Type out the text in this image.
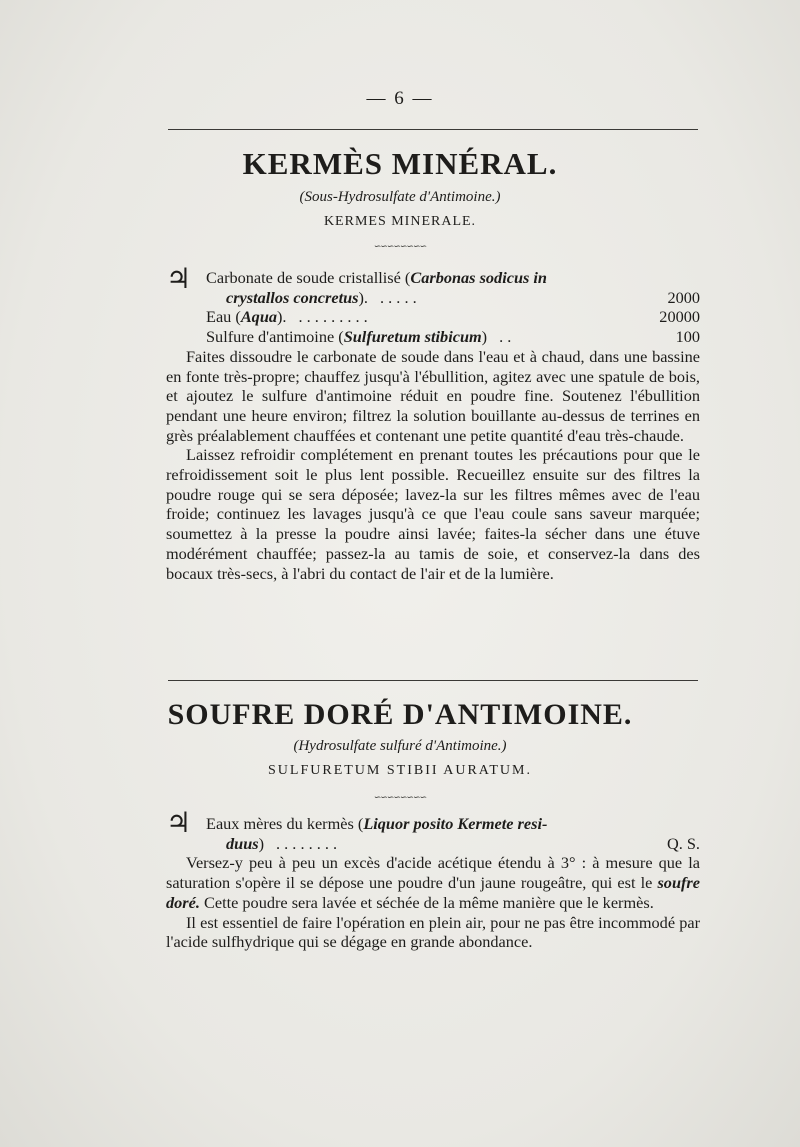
— 6 —
KERMÈS MINÉRAL.
(Sous-Hydrosulfate d'Antimoine.)
KERMES MINERALE.
∽∽∽∽∽∽∽∽
♃ Carbonate de soude cristallisé (Carbonas sodicus in
crystallos concretus). . . . . .	2000
Eau (Aqua). . . . . . . . . .	20000
Sulfure d'antimoine (Sulfuretum stibicum) . .	100

Faites dissoudre le carbonate de soude dans l'eau et à chaud, dans une bassine en fonte très-propre; chauffez jusqu'à l'ébullition, agitez avec une spatule de bois, et ajoutez le sulfure d'antimoine réduit en poudre fine. Soutenez l'ébullition pendant une heure environ; filtrez la solution bouillante au-dessus de terrines en grès préalablement chauffées et contenant une petite quantité d'eau très-chaude.

Laissez refroidir complétement en prenant toutes les précautions pour que le refroidissement soit le plus lent possible. Recueillez ensuite sur des filtres la poudre rouge qui se sera déposée; lavez-la sur les filtres mêmes avec de l'eau froide; continuez les lavages jusqu'à ce que l'eau coule sans saveur marquée; soumettez à la presse la poudre ainsi lavée; faites-la sécher dans une étuve modérément chauffée; passez-la au tamis de soie, et conservez-la dans des bocaux très-secs, à l'abri du contact de l'air et de la lumière.

SOUFRE DORÉ D'ANTIMOINE.
(Hydrosulfate sulfuré d'Antimoine.)
SULFURETUM STIBII AURATUM.
∽∽∽∽∽∽∽∽
♃ Eaux mères du kermès (Liquor posito Kermete resi-
duus) . . . . . . . .	Q. S.

Versez-y peu à peu un excès d'acide acétique étendu à 3° : à mesure que la saturation s'opère il se dépose une poudre d'un jaune rougeâtre, qui est le soufre doré. Cette poudre sera lavée et séchée de la même manière que le kermès.

Il est essentiel de faire l'opération en plein air, pour ne pas être incommodé par l'acide sulfhydrique qui se dégage en grande abondance.
